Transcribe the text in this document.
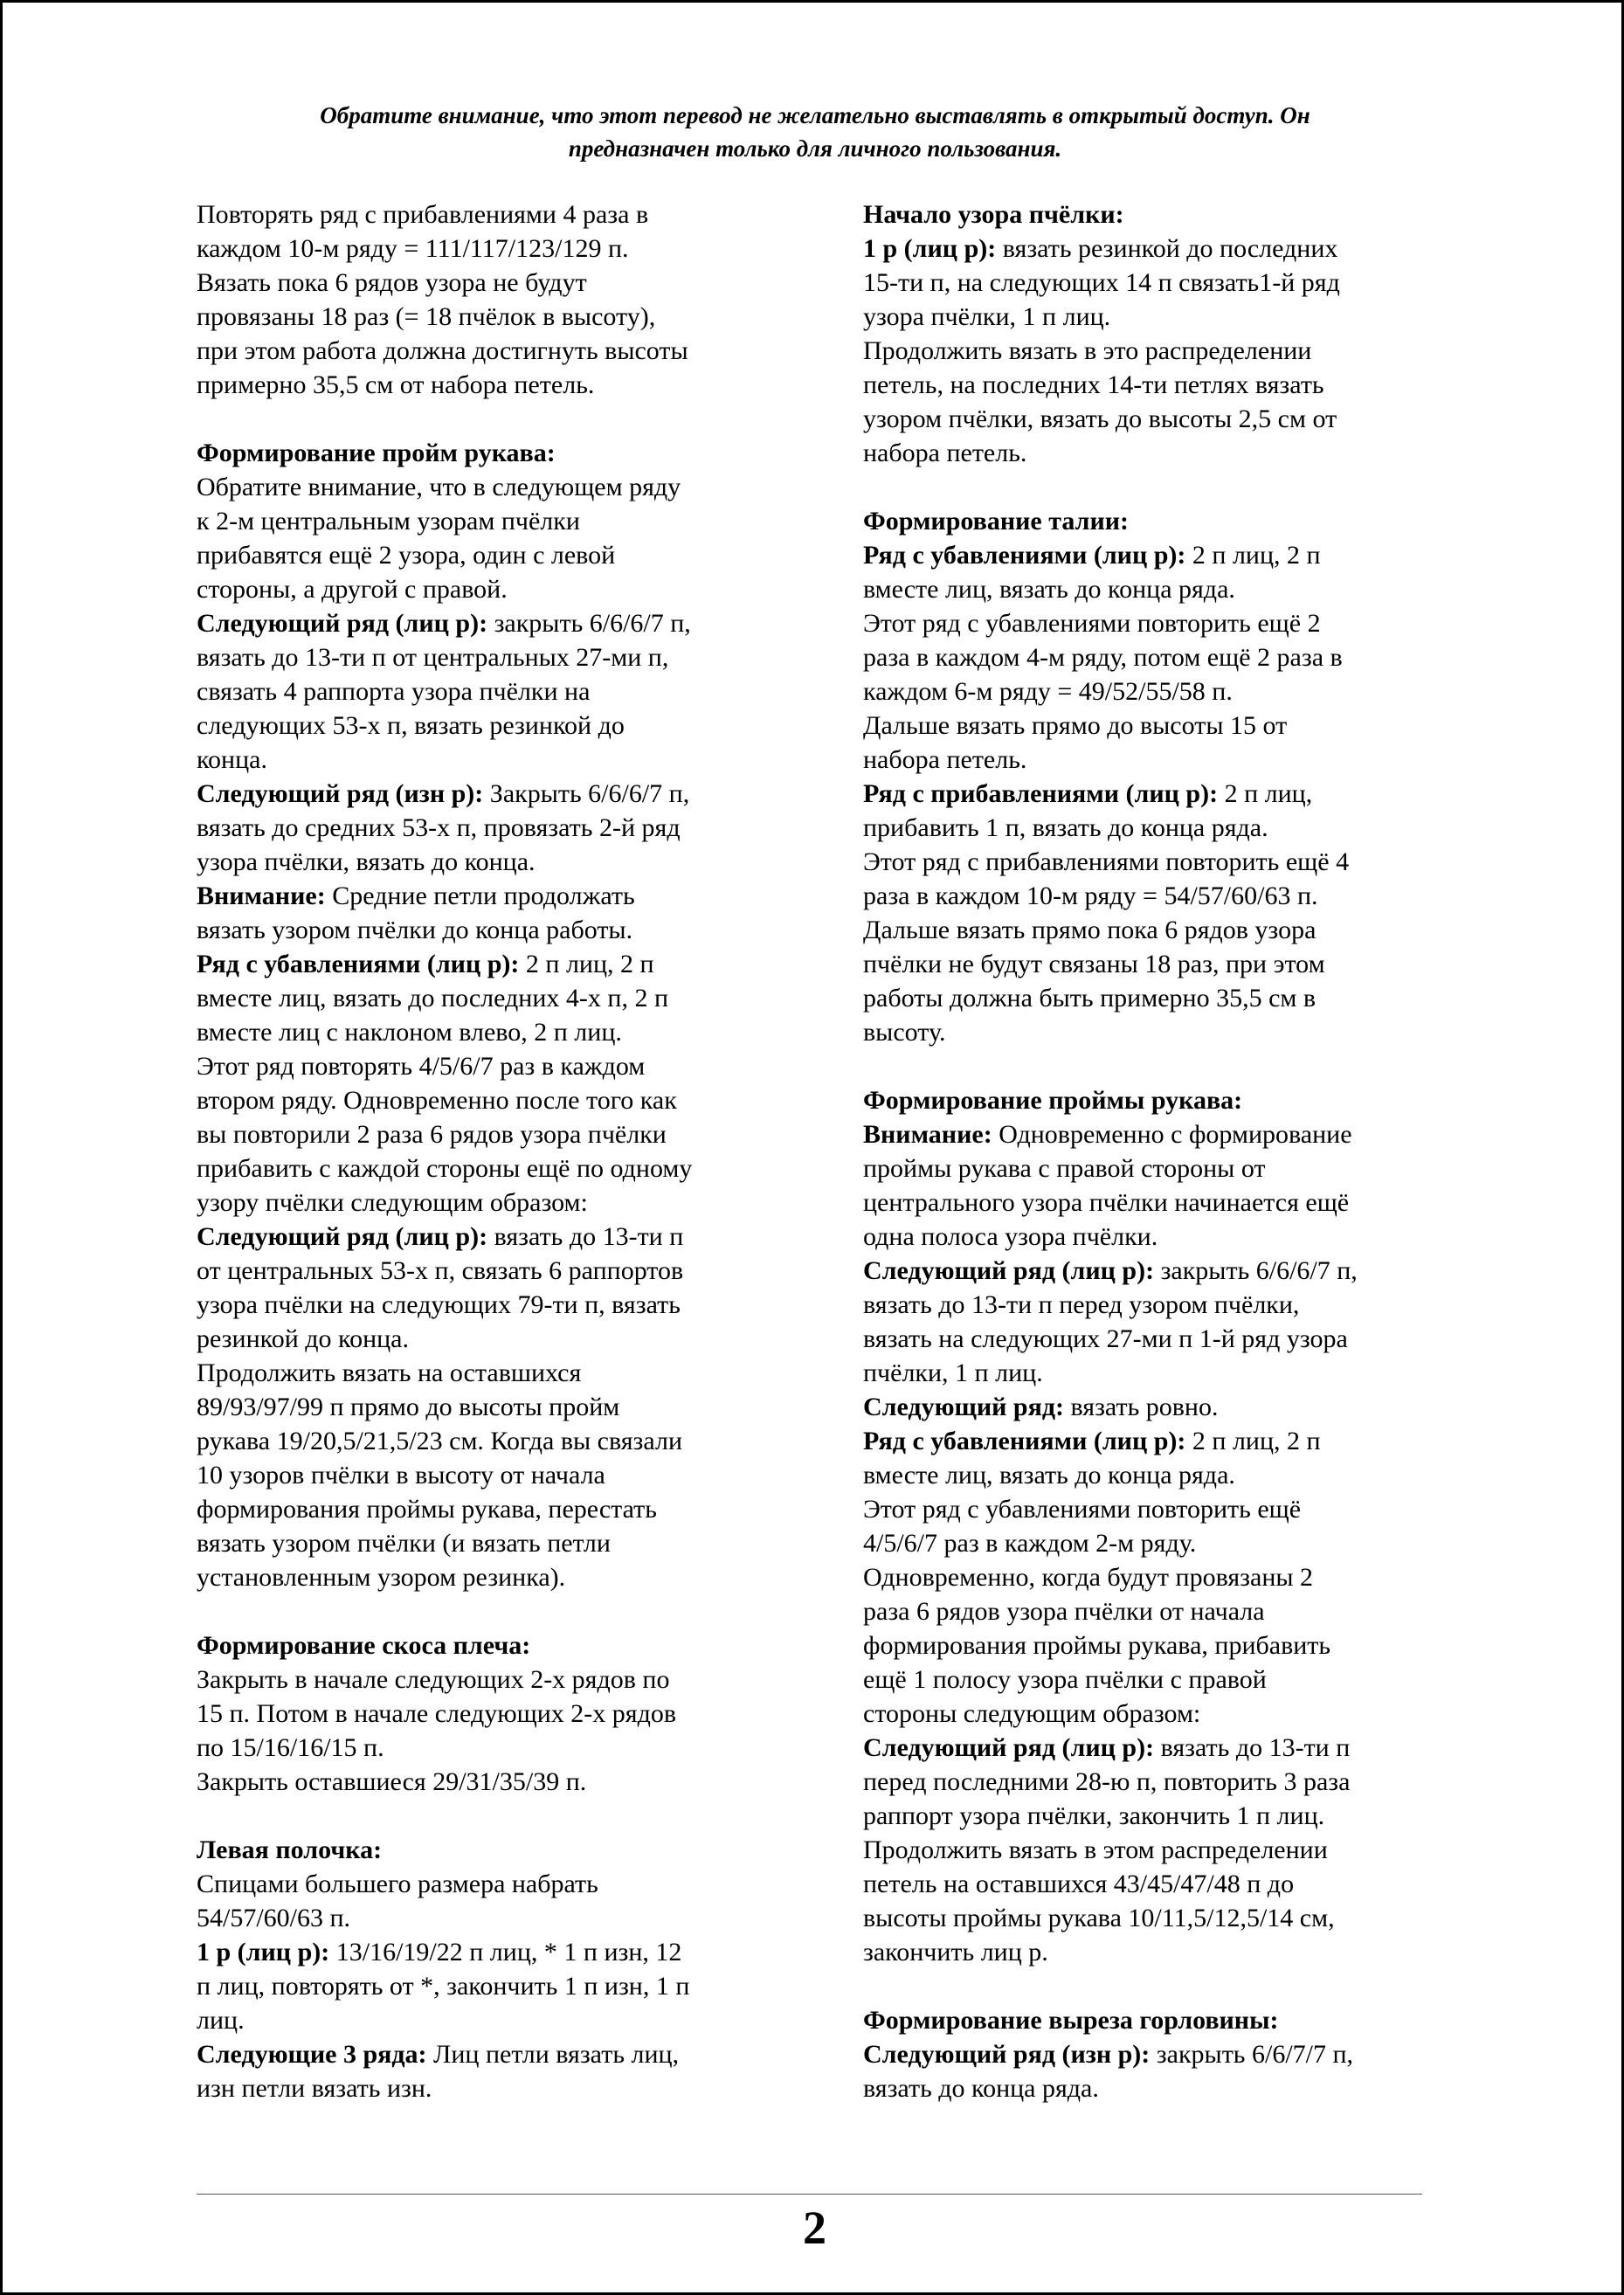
Обратите внимание, что этот перевод не желательно выставлять в открытый доступ. Он
предназначен только для личного пользования.
Повторять ряд с прибавлениями 4 раза в
каждом 10-м ряду = 111/117/123/129 п.
Вязать пока 6 рядов узора не будут
провязаны 18 раз (= 18 пчёлок в высоту),
при этом работа должна достигнуть высоты
примерно 35,5 см от набора петель.
Формирование пройм рукава:
Обратите внимание, что в следующем ряду
к 2-м центральным узорам пчёлки
прибавятся ещё 2 узора, один с левой
стороны, а другой с правой.
Следующий ряд (лиц р): закрыть 6/6/6/7 п,
вязать до 13-ти п от центральных 27-ми п,
связать 4 раппорта узора пчёлки на
следующих 53-х п, вязать резинкой до
конца.
Следующий ряд (изн р): Закрыть 6/6/6/7 п,
вязать до средних 53-х п, провязать 2-й ряд
узора пчёлки, вязать до конца.
Внимание: Средние петли продолжать
вязать узором пчёлки до конца работы.
Ряд с убавлениями (лиц р): 2 п лиц, 2 п
вместе лиц, вязать до последних 4-х п, 2 п
вместе лиц с наклоном влево, 2 п лиц.
Этот ряд повторять 4/5/6/7 раз в каждом
втором ряду. Одновременно после того как
вы повторили 2 раза 6 рядов узора пчёлки
прибавить с каждой стороны ещё по одному
узору пчёлки следующим образом:
Следующий ряд (лиц р): вязать до 13-ти п
от центральных 53-х п, связать 6 раппортов
узора пчёлки на следующих 79-ти п, вязать
резинкой до конца.
Продолжить вязать на оставшихся
89/93/97/99 п прямо до высоты пройм
рукава 19/20,5/21,5/23 см. Когда вы связали
10 узоров пчёлки в высоту от начала
формирования проймы рукава, перестать
вязать узором пчёлки (и вязать петли
установленным узором резинка).
Формирование скоса плеча:
Закрыть в начале следующих 2-х рядов по
15 п. Потом в начале следующих 2-х рядов
по 15/16/16/15 п.
Закрыть оставшиеся 29/31/35/39 п.
Левая полочка:
Спицами большего размера набрать
54/57/60/63 п.
1 р (лиц р): 13/16/19/22 п лиц, * 1 п изн, 12
п лиц, повторять от *, закончить 1 п изн, 1 п
лиц.
Следующие 3 ряда: Лиц петли вязать лиц,
изн петли вязать изн.
Начало узора пчёлки:
1 р (лиц р): вязать резинкой до последних
15-ти п, на следующих 14 п связать1-й ряд
узора пчёлки, 1 п лиц.
Продолжить вязать в это распределении
петель, на последних 14-ти петлях вязать
узором пчёлки, вязать до высоты 2,5 см от
набора петель.
Формирование талии:
Ряд с убавлениями (лиц р): 2 п лиц, 2 п
вместе лиц, вязать до конца ряда.
Этот ряд с убавлениями повторить ещё 2
раза в каждом 4-м ряду, потом ещё 2 раза в
каждом 6-м ряду = 49/52/55/58 п.
Дальше вязать прямо до высоты 15 от
набора петель.
Ряд с прибавлениями (лиц р): 2 п лиц,
прибавить 1 п, вязать до конца ряда.
Этот ряд с прибавлениями повторить ещё 4
раза в каждом 10-м ряду = 54/57/60/63 п.
Дальше вязать прямо пока 6 рядов узора
пчёлки не будут связаны 18 раз, при этом
работы должна быть примерно 35,5 см в
высоту.
Формирование проймы рукава:
Внимание: Одновременно с формирование
проймы рукава с правой стороны от
центрального узора пчёлки начинается ещё
одна полоса узора пчёлки.
Следующий ряд (лиц р): закрыть 6/6/6/7 п,
вязать до 13-ти п перед узором пчёлки,
вязать на следующих 27-ми п 1-й ряд узора
пчёлки, 1 п лиц.
Следующий ряд: вязать ровно.
Ряд с убавлениями (лиц р): 2 п лиц, 2 п
вместе лиц, вязать до конца ряда.
Этот ряд с убавлениями повторить ещё
4/5/6/7 раз в каждом 2-м ряду.
Одновременно, когда будут провязаны 2
раза 6 рядов узора пчёлки от начала
формирования проймы рукава, прибавить
ещё 1 полосу узора пчёлки с правой
стороны следующим образом:
Следующий ряд (лиц р): вязать до 13-ти п
перед последними 28-ю п, повторить 3 раза
раппорт узора пчёлки, закончить 1 п лиц.
Продолжить вязать в этом распределении
петель на оставшихся 43/45/47/48 п до
высоты проймы рукава 10/11,5/12,5/14 см,
закончить лиц р.
Формирование выреза горловины:
Следующий ряд (изн р): закрыть 6/6/7/7 п,
вязать до конца ряда.
2
